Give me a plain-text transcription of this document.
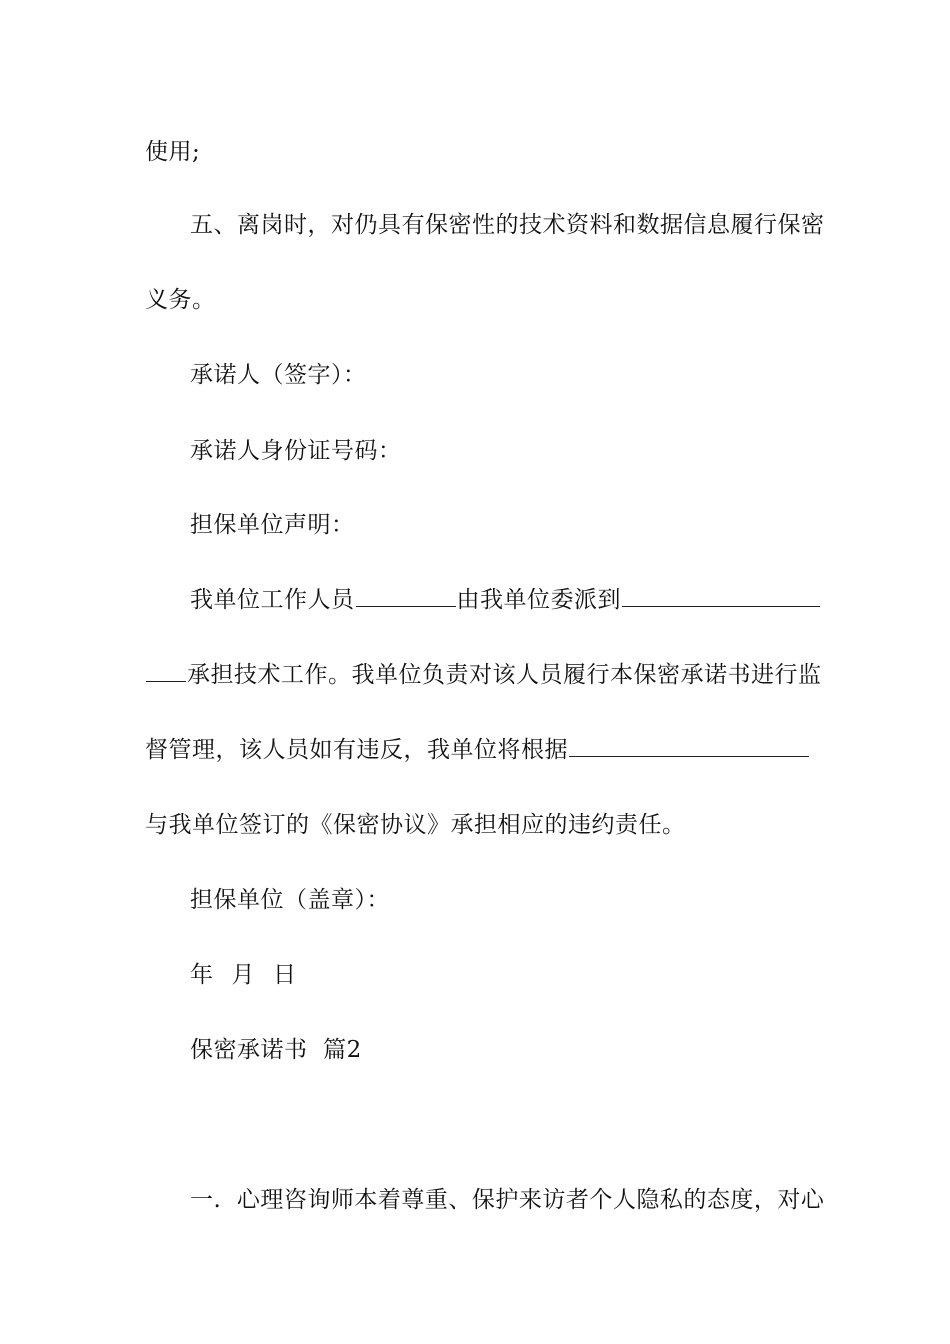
使用;
五、离岗时，对仍具有保密性的技术资料和数据信息履行保密
义务。
承诺人（签字）：
承诺人身份证号码：
担保单位声明：
我单位工作人员	由我单位委派到
承担技术工作。我单位负责对该人员履行本保密承诺书进行监
督管理，该人员如有违反，我单位将根据
与我单位签订的《保密协议》承担相应的违约责任。
担保单位（盖章）：
年 月 日
保密承诺书  篇2
一.  心理咨询师本着尊重、保护来访者个人隐私的态度，对心
